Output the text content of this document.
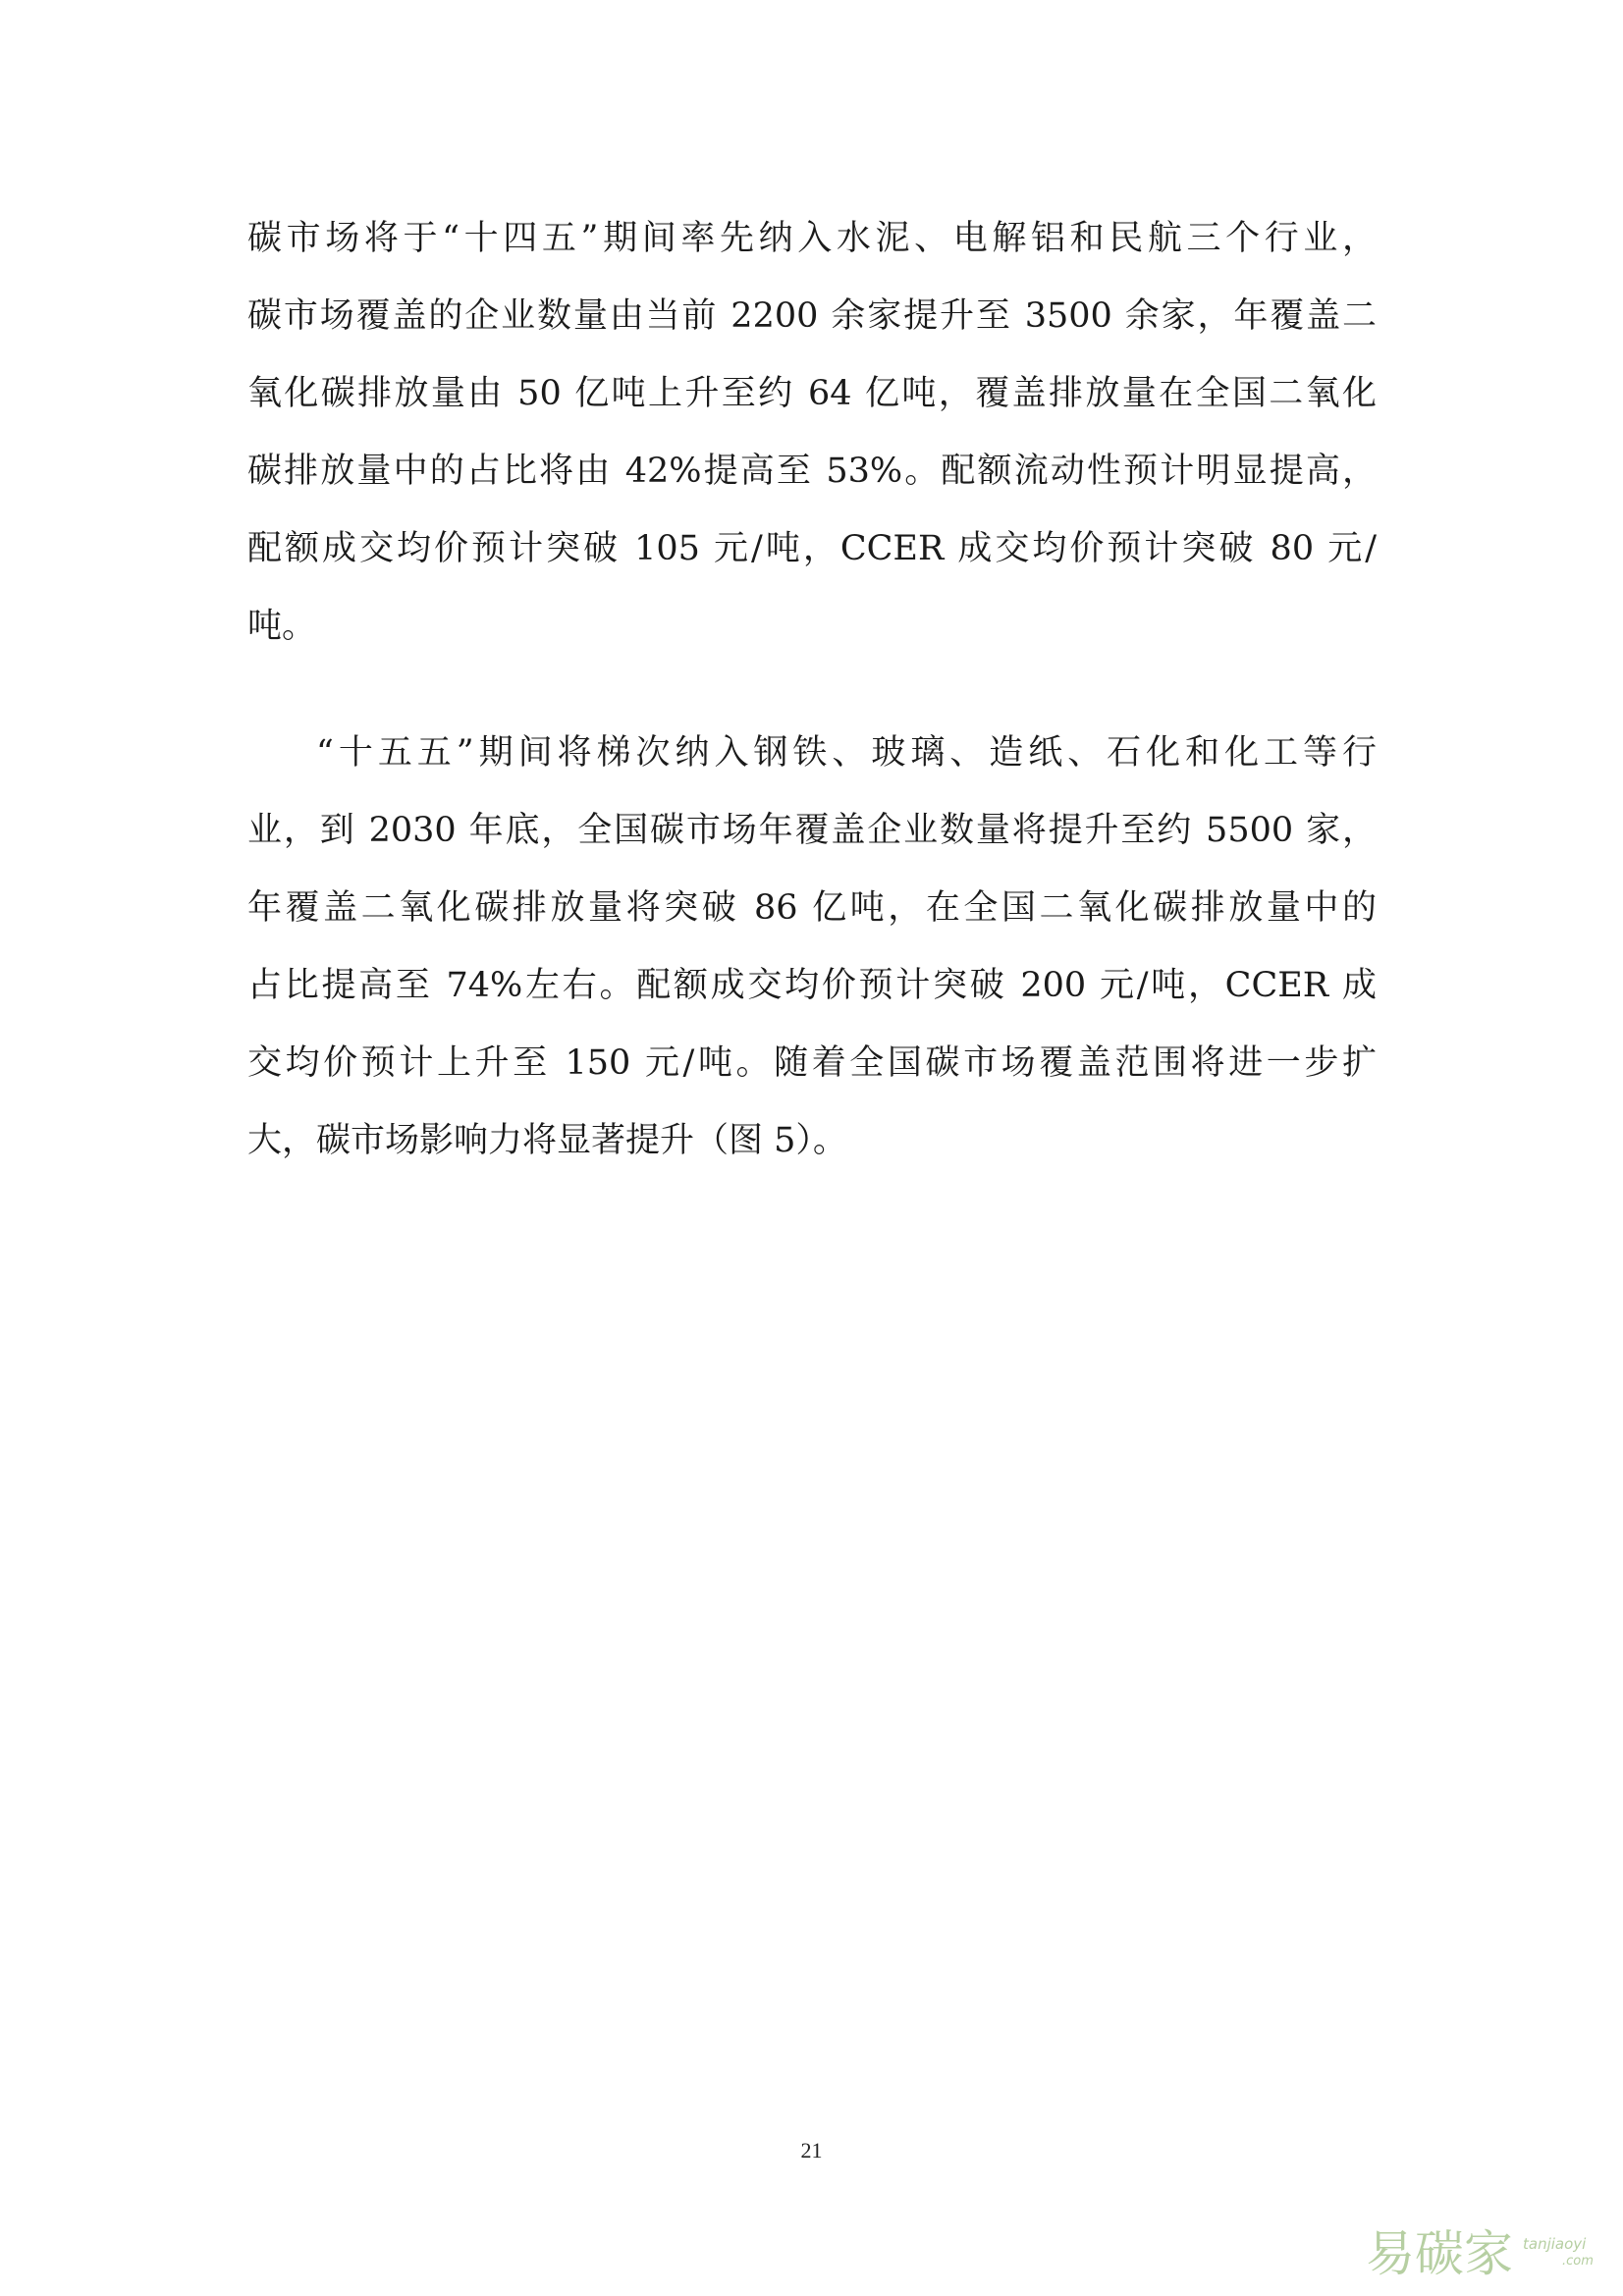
碳市场将于“十四五”期间率先纳入水泥、电解铝和民航三个行业，
碳市场覆盖的企业数量由当前 2200 余家提升至 3500 余家，年覆盖二
氧化碳排放量由 50 亿吨上升至约 64 亿吨，覆盖排放量在全国二氧化
碳排放量中的占比将由 42%提高至 53%。配额流动性预计明显提高，
配额成交均价预计突破 105 元/吨，CCER 成交均价预计突破 80 元/
吨。
“十五五”期间将梯次纳入钢铁、玻璃、造纸、石化和化工等行
业，到 2030 年底，全国碳市场年覆盖企业数量将提升至约 5500 家，
年覆盖二氧化碳排放量将突破 86 亿吨，在全国二氧化碳排放量中的
占比提高至 74%左右。配额成交均价预计突破 200 元/吨，CCER 成
交均价预计上升至 150 元/吨。随着全国碳市场覆盖范围将进一步扩
大，碳市场影响力将显著提升（图 5）。
21
易碳家 tanjiaoyi
.com
